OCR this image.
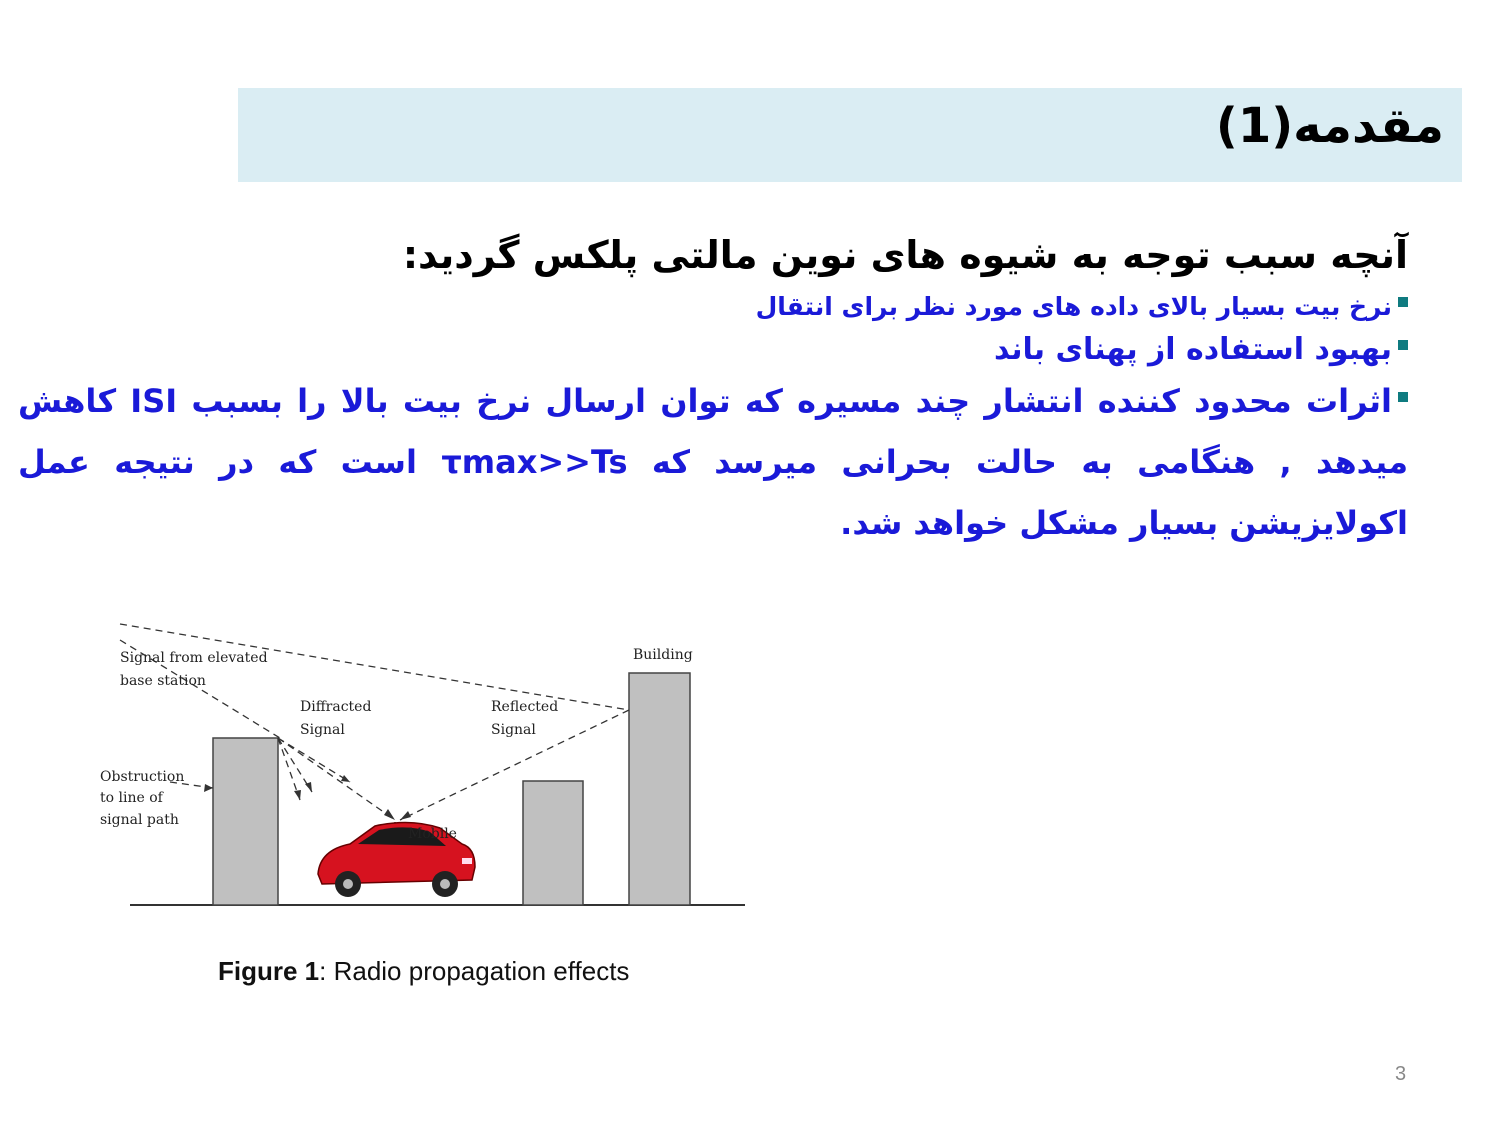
مقدمه(1)

آنچه سبب توجه به شیوه های نوین مالتی پلکس گردید:

نرخ بیت بسیار بالای داده های مورد نظر برای انتقال
بهبود استفاده از پهنای باند
اثرات محدود کننده انتشار چند مسیره که توان ارسال نرخ بیت بالا را بسبب ISI کاهش میدهد , هنگامی به حالت بحرانی میرسد که τmax>>Ts است که در نتیجه عمل اکولایزیشن بسیار مشکل خواهد شد.
Signal from elevated
base station
Building
Diffracted
Signal
Reflected
Signal
Obstruction
to line of
signal path
Mobile
Figure 1: Radio propagation effects
3
